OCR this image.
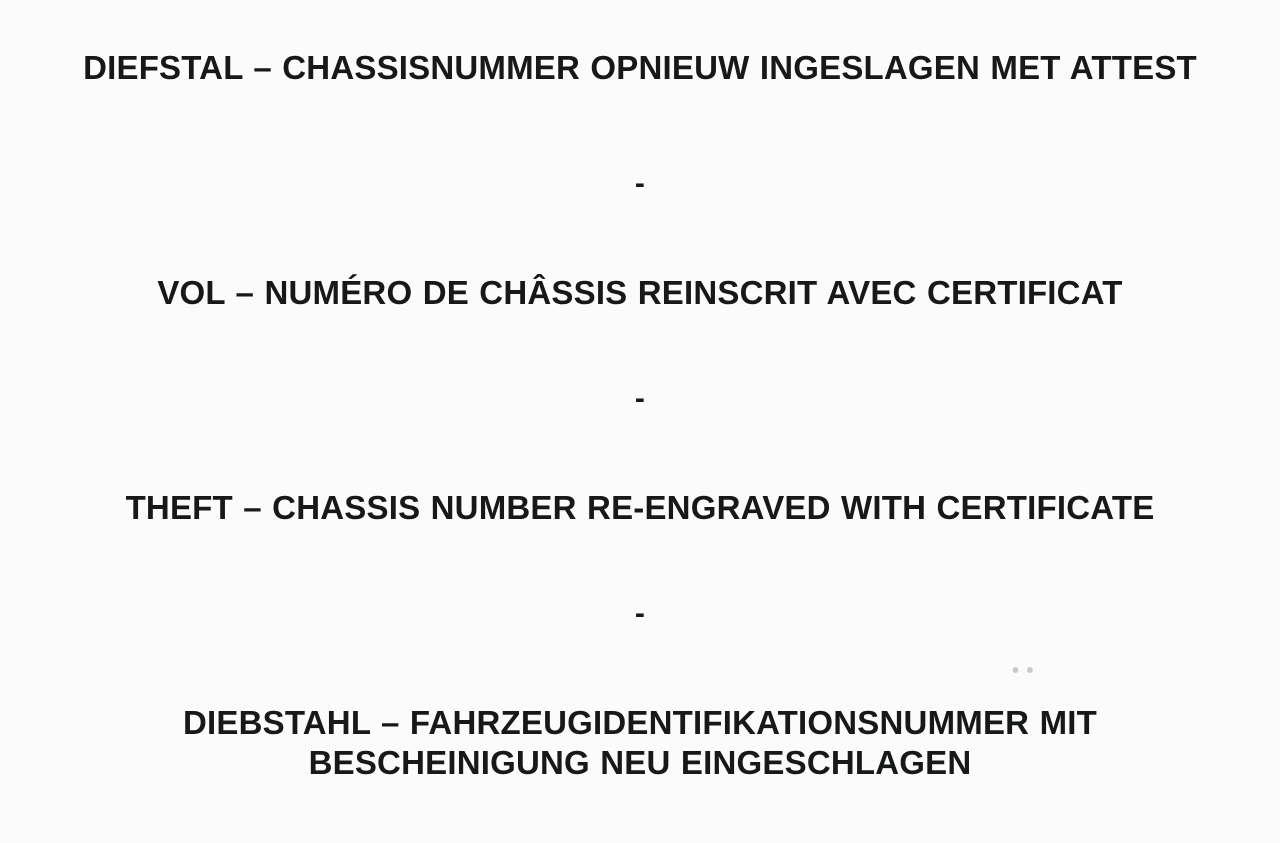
DIEFSTAL – CHASSISNUMMER OPNIEUW INGESLAGEN MET ATTEST
-
VOL – NUMÉRO DE CHÂSSIS REINSCRIT AVEC CERTIFICAT
-
THEFT – CHASSIS NUMBER RE-ENGRAVED WITH CERTIFICATE
-
DIEBSTAHL – FAHRZEUGIDENTIFIKATIONSNUMMER MIT
BESCHEINIGUNG NEU EINGESCHLAGEN
• •
